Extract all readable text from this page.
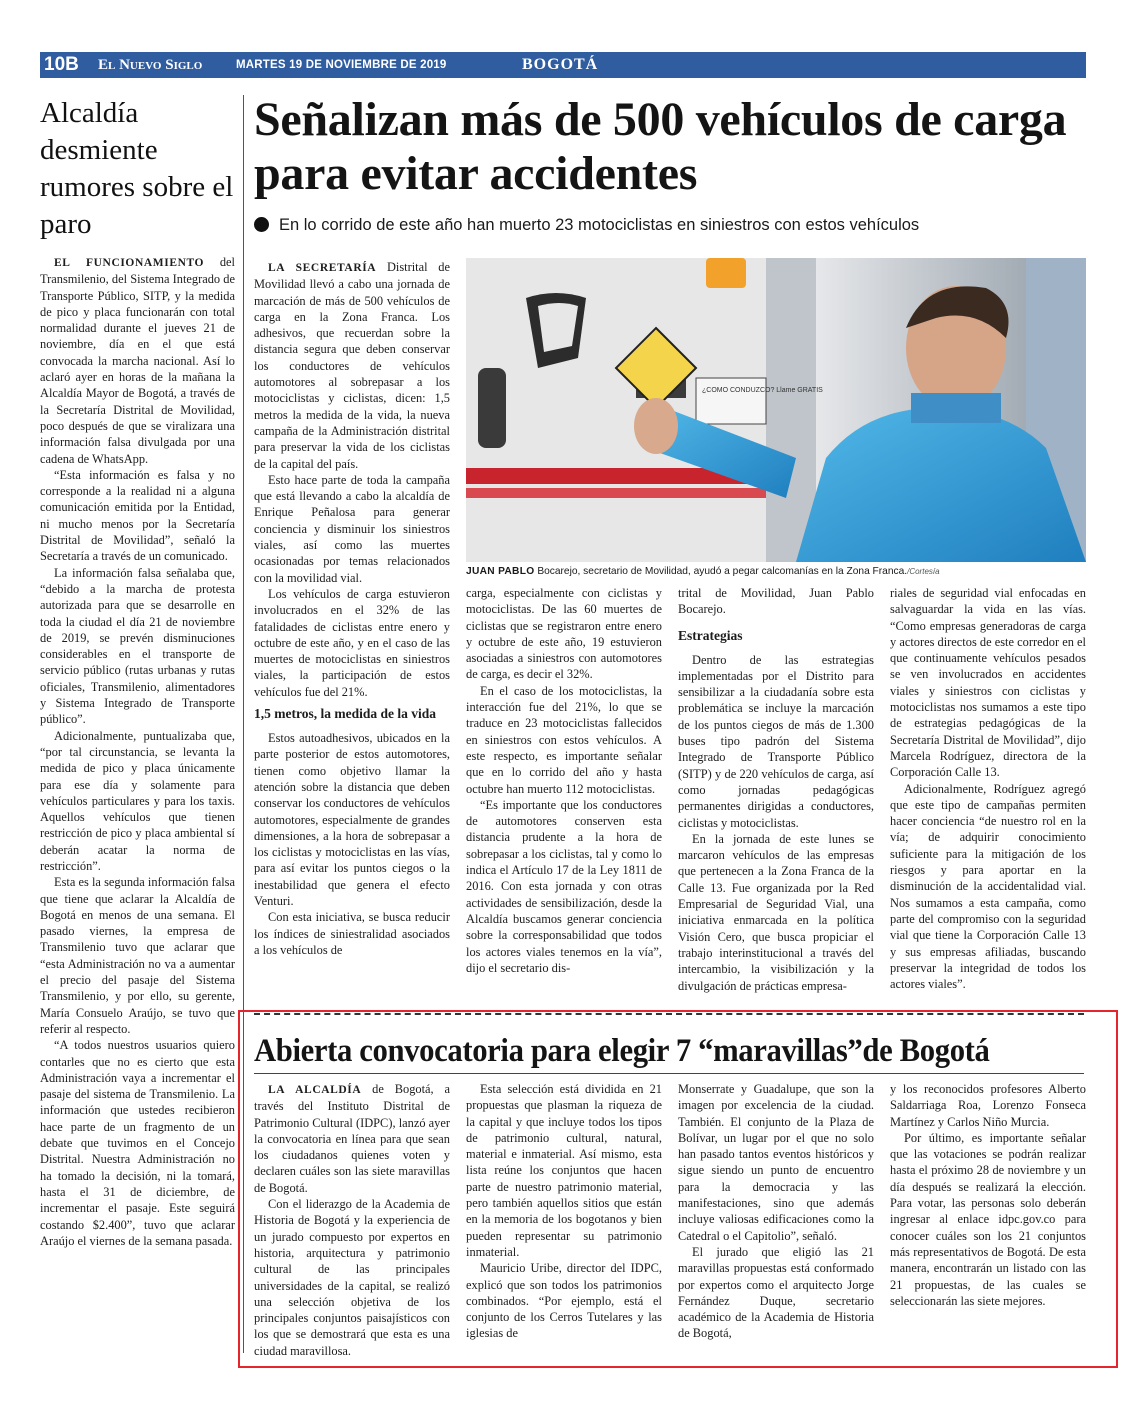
10B	El Nuevo Siglo	MARTES 19 DE NOVIEMBRE DE 2019	BOGOTÁ
Alcaldía desmiente rumores sobre el paro

EL FUNCIONAMIENTO del Transmilenio, del Sistema Integrado de Transporte Público, SITP, y la medida de pico y placa funcionarán con total normalidad durante el jueves 21 de noviembre, día en el que está convocada la marcha nacional. Así lo aclaró ayer en horas de la mañana la Alcaldía Mayor de Bogotá, a través de la Secretaría Distrital de Movilidad, poco después de que se viralizara una información falsa divulgada por una cadena de WhatsApp.

“Esta información es falsa y no corresponde a la realidad ni a alguna comunicación emitida por la Entidad, ni mucho menos por la Secretaría Distrital de Movilidad”, señaló la Secretaría a través de un comunicado.

La información falsa señalaba que, “debido a la marcha de protesta autorizada para que se desarrolle en toda la ciudad el día 21 de noviembre de 2019, se prevén disminuciones considerables en el transporte de servicio público (rutas urbanas y rutas oficiales, Transmilenio, alimentadores y Sistema Integrado de Transporte público”.

Adicionalmente, puntualizaba que, “por tal circunstancia, se levanta la medida de pico y placa únicamente para ese día y solamente para vehículos particulares y para los taxis. Aquellos vehículos que tienen restricción de pico y placa ambiental sí deberán acatar la norma de restricción”.

Esta es la segunda información falsa que tiene que aclarar la Alcaldía de Bogotá en menos de una semana. El pasado viernes, la empresa de Transmilenio tuvo que aclarar que “esta Administración no va a aumentar el precio del pasaje del Sistema Transmilenio, y por ello, su gerente, María Consuelo Araújo, se tuvo que referir al respecto.

“A todos nuestros usuarios quiero contarles que no es cierto que esta Administración vaya a incrementar el pasaje del sistema de Transmilenio. La información que ustedes recibieron hace parte de un fragmento de un debate que tuvimos en el Concejo Distrital. Nuestra Administración no ha tomado la decisión, ni la tomará, hasta el 31 de diciembre, de incrementar el pasaje. Este seguirá costando $2.400”, tuvo que aclarar Araújo el viernes de la semana pasada.

Señalizan más de 500 vehículos de carga para evitar accidentes
En lo corrido de este año han muerto 23 motociclistas en siniestros con estos vehículos
¿COMO CONDUZCO? Llame GRATIS
JUAN PABLO Bocarejo, secretario de Movilidad, ayudó a pegar calcomanías en la Zona Franca./Cortesía

LA SECRETARÍA Distrital de Movilidad llevó a cabo una jornada de marcación de más de 500 vehículos de carga en la Zona Franca. Los adhesivos, que recuerdan sobre la distancia segura que deben conservar los conductores de vehículos automotores al sobrepasar a los motociclistas y ciclistas, dicen: 1,5 metros la medida de la vida, la nueva campaña de la Administración distrital para preservar la vida de los ciclistas de la capital del país.

Esto hace parte de toda la campaña que está llevando a cabo la alcaldía de Enrique Peñalosa para generar conciencia y disminuir los siniestros viales, así como las muertes ocasionadas por temas relacionados con la movilidad vial.

Los vehículos de carga estuvieron involucrados en el 32% de las fatalidades de ciclistas entre enero y octubre de este año, y en el caso de las muertes de motociclistas en siniestros viales, la participación de estos vehículos fue del 21%.

1,5 metros, la medida de la vida

Estos autoadhesivos, ubicados en la parte posterior de estos automotores, tienen como objetivo llamar la atención sobre la distancia que deben conservar los conductores de vehículos automotores, especialmente de grandes dimensiones, a la hora de sobrepasar a los ciclistas y motociclistas en las vías, para así evitar los puntos ciegos o la inestabilidad que genera el efecto Venturi.

Con esta iniciativa, se busca reducir los índices de siniestralidad asociados a los vehículos de

carga, especialmente con ciclistas y motociclistas. De las 60 muertes de ciclistas que se registraron entre enero y octubre de este año, 19 estuvieron asociadas a siniestros con automotores de carga, es decir el 32%.

En el caso de los motociclistas, la interacción fue del 21%, lo que se traduce en 23 motociclistas fallecidos en siniestros con estos vehículos. A este respecto, es importante señalar que en lo corrido del año y hasta octubre han muerto 112 motociclistas.

“Es importante que los conductores de automotores conserven esta distancia prudente a la hora de sobrepasar a los ciclistas, tal y como lo indica el Artículo 17 de la Ley 1811 de 2016. Con esta jornada y con otras actividades de sensibilización, desde la Alcaldía buscamos generar conciencia sobre la corresponsabilidad que todos los actores viales tenemos en la vía”, dijo el secretario dis-

trital de Movilidad, Juan Pablo Bocarejo.

Estrategias

Dentro de las estrategias implementadas por el Distrito para sensibilizar a la ciudadanía sobre esta problemática se incluye la marcación de los puntos ciegos de más de 1.300 buses tipo padrón del Sistema Integrado de Transporte Público (SITP) y de 220 vehículos de carga, así como jornadas pedagógicas permanentes dirigidas a conductores, ciclistas y motociclistas.

En la jornada de este lunes se marcaron vehículos de las empresas que pertenecen a la Zona Franca de la Calle 13. Fue organizada por la Red Empresarial de Seguridad Vial, una iniciativa enmarcada en la política Visión Cero, que busca propiciar el trabajo interinstitucional a través del intercambio, la visibilización y la divulgación de prácticas empresa-

riales de seguridad vial enfocadas en salvaguardar la vida en las vías. “Como empresas generadoras de carga y actores directos de este corredor en el que continuamente vehículos pesados se ven involucrados en accidentes viales y siniestros con ciclistas y motociclistas nos sumamos a este tipo de estrategias pedagógicas de la Secretaría Distrital de Movilidad”, dijo Marcela Rodríguez, directora de la Corporación Calle 13.

Adicionalmente, Rodríguez agregó que este tipo de campañas permiten hacer conciencia “de nuestro rol en la vía; de adquirir conocimiento suficiente para la mitigación de los riesgos y para aportar en la disminución de la accidentalidad vial. Nos sumamos a esta campaña, como parte del compromiso con la seguridad vial que tiene la Corporación Calle 13 y sus empresas afiliadas, buscando preservar la integridad de todos los actores viales”.

Abierta convocatoria para elegir 7 “maravillas”de Bogotá

LA ALCALDÍA de Bogotá, a través del Instituto Distrital de Patrimonio Cultural (IDPC), lanzó ayer la convocatoria en línea para que sean los ciudadanos quienes voten y declaren cuáles son las siete maravillas de Bogotá.

Con el liderazgo de la Academia de Historia de Bogotá y la experiencia de un jurado compuesto por expertos en historia, arquitectura y patrimonio cultural de las principales universidades de la capital, se realizó una selección objetiva de los principales conjuntos paisajísticos con los que se demostrará que esta es una ciudad maravillosa.

Esta selección está dividida en 21 propuestas que plasman la riqueza de la capital y que incluye todos los tipos de patrimonio cultural, natural, material e inmaterial. Así mismo, esta lista reúne los conjuntos que hacen parte de nuestro patrimonio material, pero también aquellos sitios que están en la memoria de los bogotanos y bien pueden representar su patrimonio inmaterial.

Mauricio Uribe, director del IDPC, explicó que son todos los patrimonios combinados. “Por ejemplo, está el conjunto de los Cerros Tutelares y las iglesias de

Monserrate y Guadalupe, que son la imagen por excelencia de la ciudad. También. El conjunto de la Plaza de Bolívar, un lugar por el que no solo han pasado tantos eventos históricos y sigue siendo un punto de encuentro para la democracia y las manifestaciones, sino que además incluye valiosas edificaciones como la Catedral o el Capitolio”, señaló.

El jurado que eligió las 21 maravillas propuestas está conformado por expertos como el arquitecto Jorge Fernández Duque, secretario académico de la Academia de Historia de Bogotá,

y los reconocidos profesores Alberto Saldarriaga Roa, Lorenzo Fonseca Martínez y Carlos Niño Murcia.

Por último, es importante señalar que las votaciones se podrán realizar hasta el próximo 28 de noviembre y un día después se realizará la elección. Para votar, las personas solo deberán ingresar al enlace idpc.gov.co para conocer cuáles son los 21 conjuntos más representativos de Bogotá. De esta manera, encontrarán un listado con las 21 propuestas, de las cuales se seleccionarán las siete mejores.
